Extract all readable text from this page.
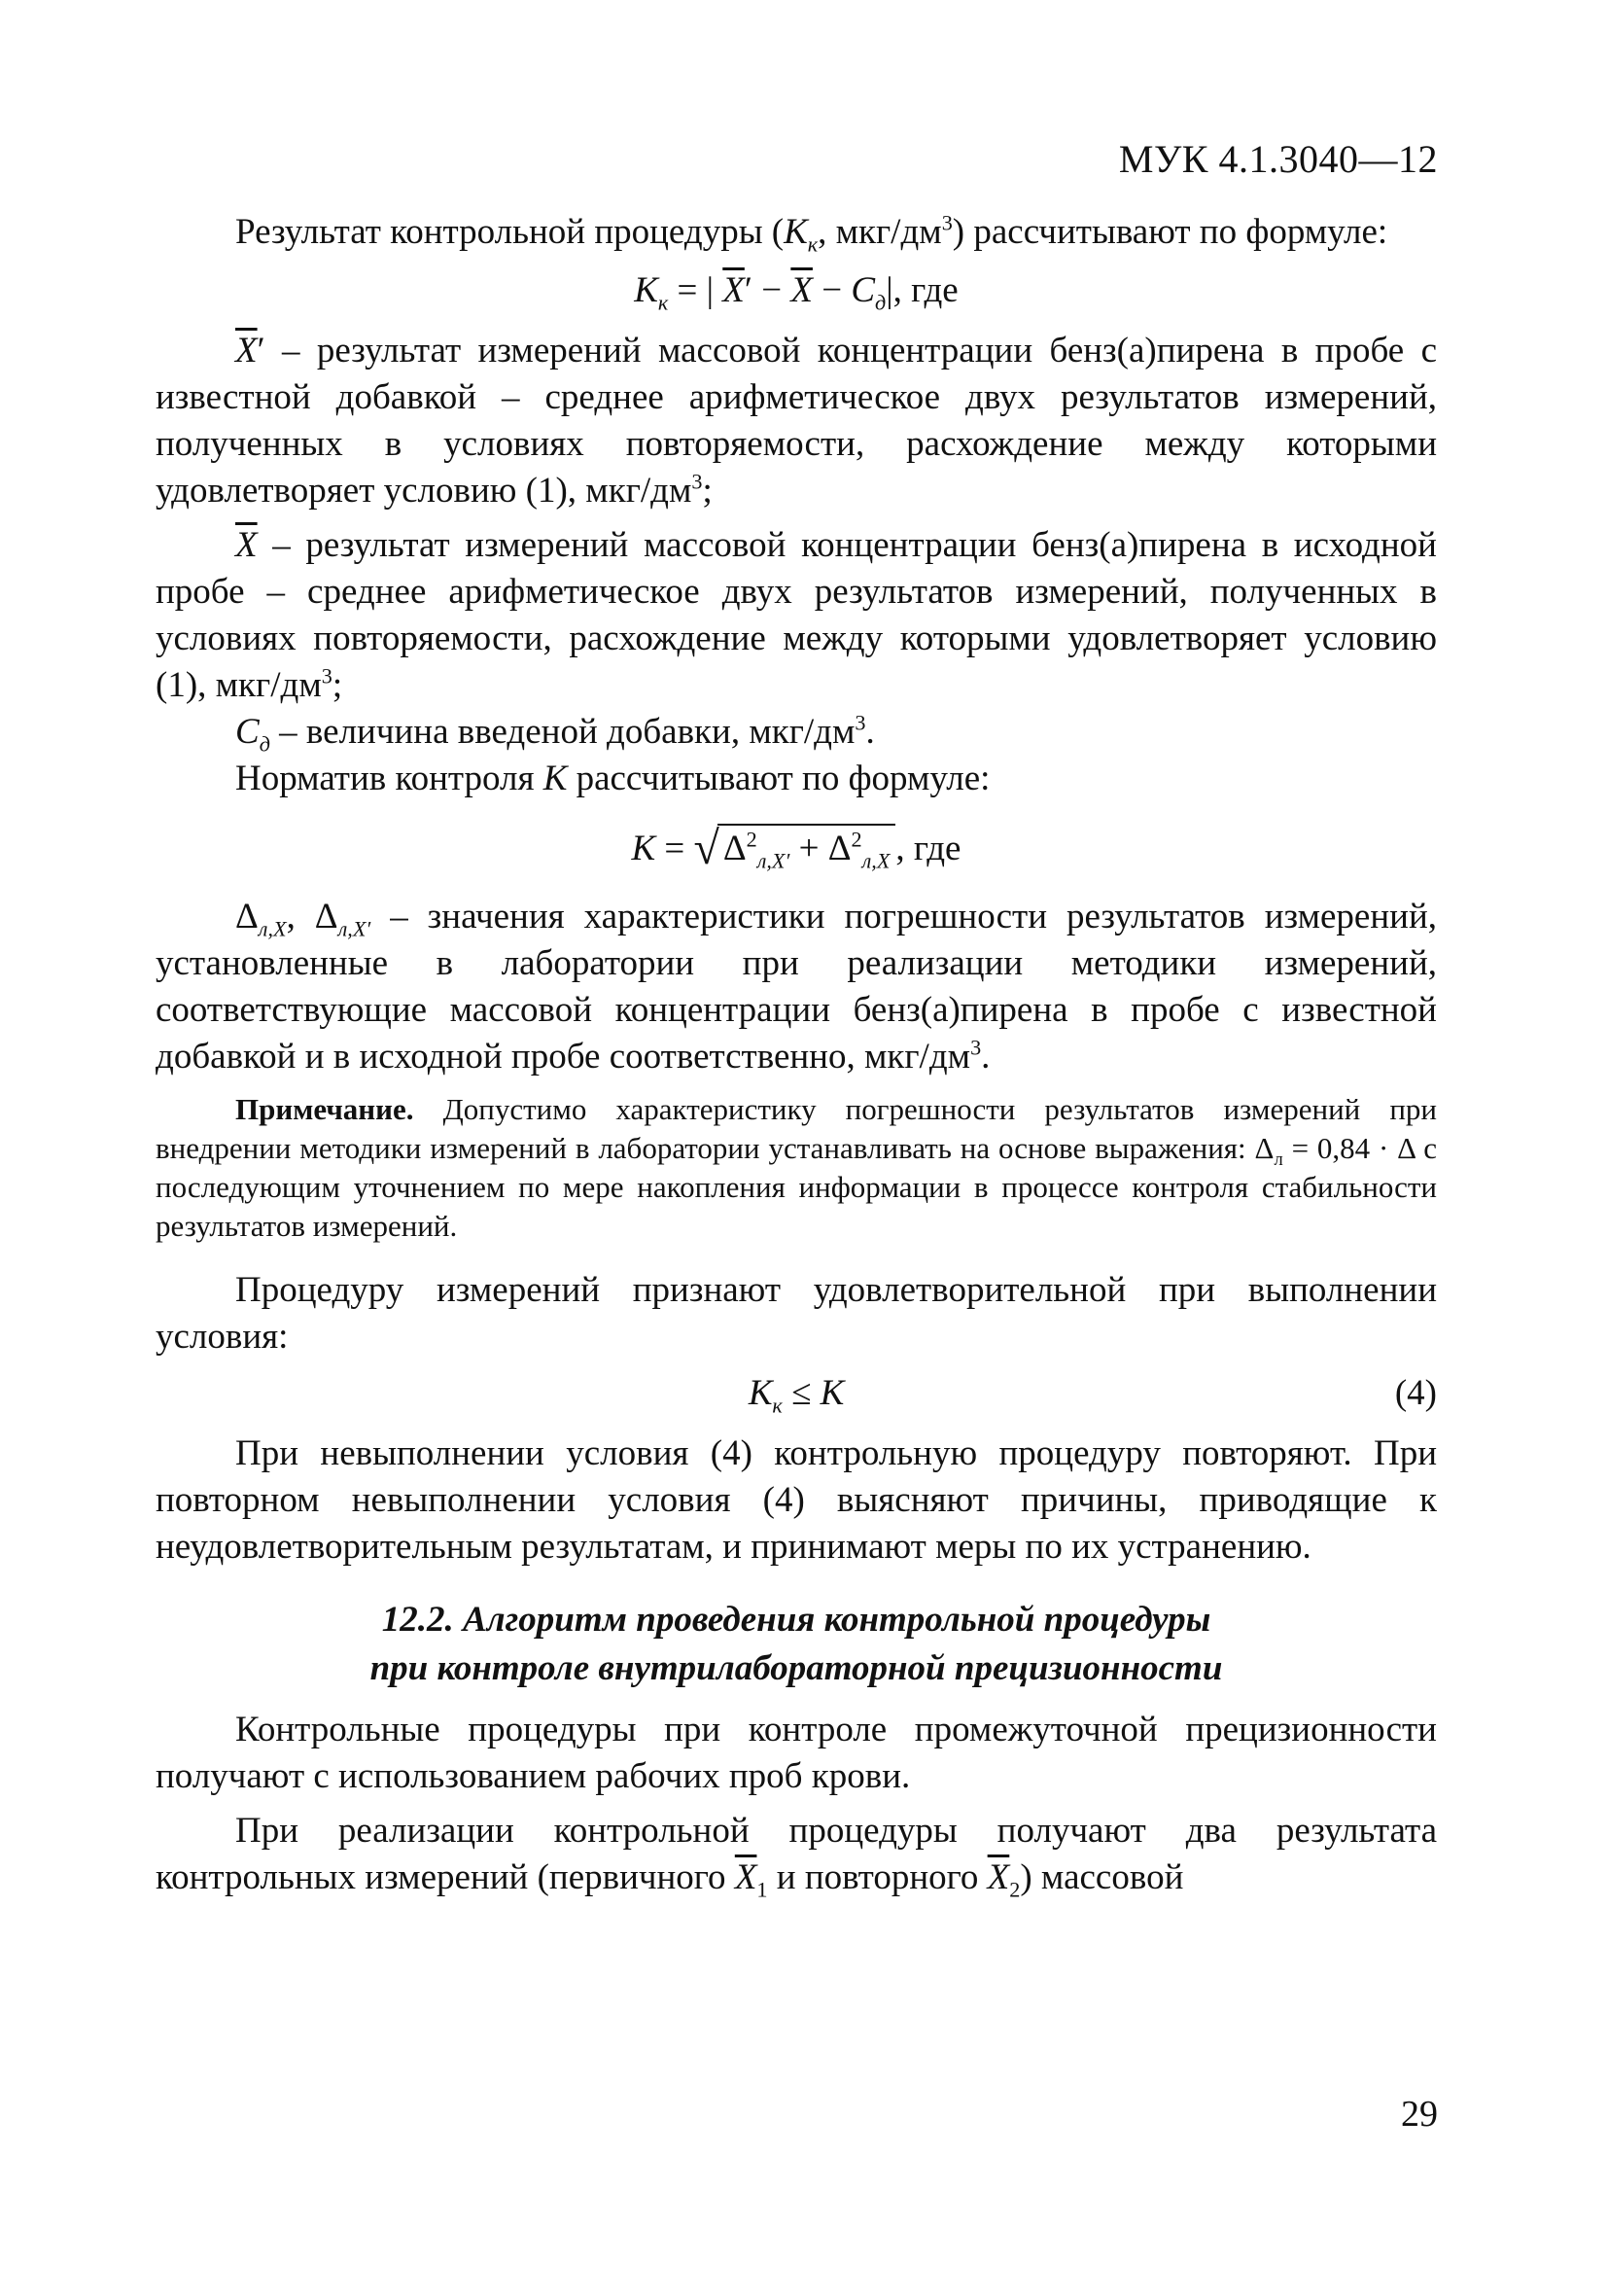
МУК 4.1.3040—12

Результат контрольной процедуры ($К_к$, мкг/$дм^3$) рассчитывают по формуле:

$К_к$ = | $\overline{X}' - \overline{X} - C_д|$, где

$\overline{X}'$ – результат измерений массовой концентрации бенз(а)пирена в пробе с известной добавкой – среднее арифметическое двух результатов измерений, полученных в условиях повторяемости, расхождение между которыми удовлетворяет условию (1), мкг/$дм^3$;

$\overline{X}$ – результат измерений массовой концентрации бенз(а)пирена в исходной пробе – среднее арифметическое двух результатов измерений, полученных в условиях повторяемости, расхождение между которыми удовлетворяет условию (1), мкг/$дм^3$;

$C_д$ – величина введеной добавки, мкг/$дм^3$.

Норматив контроля К рассчитывают по формуле:

К = √ $\Delta^2_{л,X'} + \Delta^2_{л,X}$ , где

$\Delta_{л,X}$, $\Delta_{л,X'}$ – значения характеристики погрешности результатов измерений, установленные в лаборатории при реализации методики измерений, соответствующие массовой концентрации бенз(а)пирена в пробе с известной добавкой и в исходной пробе соответственно, мкг/$дм^3$.

Примечание. Допустимо характеристику погрешности результатов измерений при внедрении методики измерений в лаборатории устанавливать на основе выражения: $\Delta_л = 0,84 \cdot \Delta$ с последующим уточнением по мере накопления информации в процессе контроля стабильности результатов измерений.

Процедуру измерений признают удовлетворительной при выполнении условия:

$К_к \le К$	(4)

При невыполнении условия (4) контрольную процедуру повторяют. При повторном невыполнении условия (4) выясняют причины, приводящие к неудовлетворительным результатам, и принимают меры по их устранению.

12.2. Алгоритм проведения контрольной процедуры
при контроле внутрилабораторной прецизионности

Контрольные процедуры при контроле промежуточной прецизионности получают с использованием рабочих проб крови.

При реализации контрольной процедуры получают два результата контрольных измерений (первичного $\overline{X}_1$ и повторного $\overline{X}_2$) массовой

29
